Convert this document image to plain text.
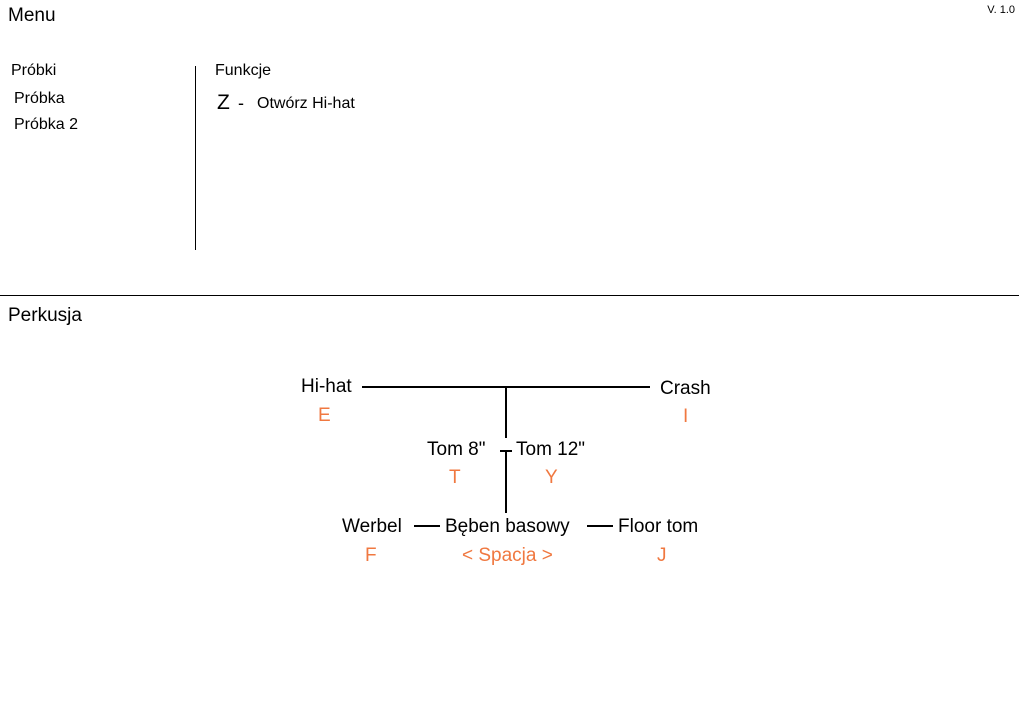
Menu	V. 1.0
Próbki
Próbka
Próbka 2
Funkcje
Z - Otwórz Hi-hat
Perkusja
Hi-hat
E
Crash
I
Tom 8"
T
Tom 12"
Y
Werbel
F
Bęben basowy
< Spacja >
Floor tom
J
